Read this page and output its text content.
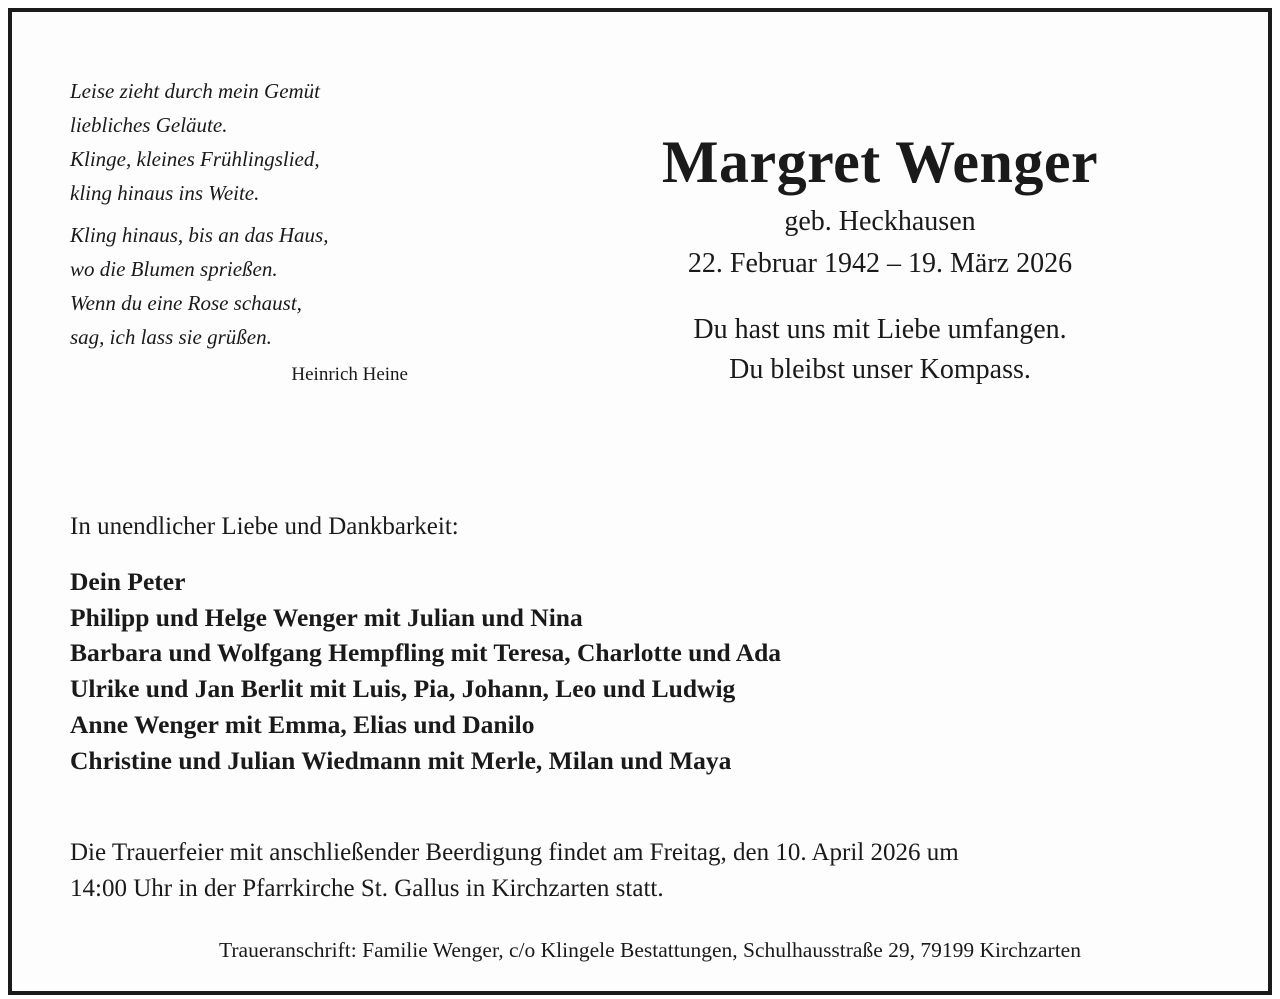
Leise zieht durch mein Gemüt
liebliches Geläute.
Klinge, kleines Frühlingslied,
kling hinaus ins Weite.
Kling hinaus, bis an das Haus,
wo die Blumen sprießen.
Wenn du eine Rose schaust,
sag, ich lass sie grüßen.
Heinrich Heine
Margret Wenger
geb. Heckhausen
22. Februar 1942 – 19. März 2026
Du hast uns mit Liebe umfangen.
Du bleibst unser Kompass.
In unendlicher Liebe und Dankbarkeit:
Dein Peter
Philipp und Helge Wenger mit Julian und Nina
Barbara und Wolfgang Hempfling mit Teresa, Charlotte und Ada
Ulrike und Jan Berlit mit Luis, Pia, Johann, Leo und Ludwig
Anne Wenger mit Emma, Elias und Danilo
Christine und Julian Wiedmann mit Merle, Milan und Maya
Die Trauerfeier mit anschließender Beerdigung findet am Freitag, den 10. April 2026 um
14:00 Uhr in der Pfarrkirche St. Gallus in Kirchzarten statt.
Traueranschrift: Familie Wenger, c/o Klingele Bestattungen, Schulhausstraße 29, 79199 Kirchzarten
